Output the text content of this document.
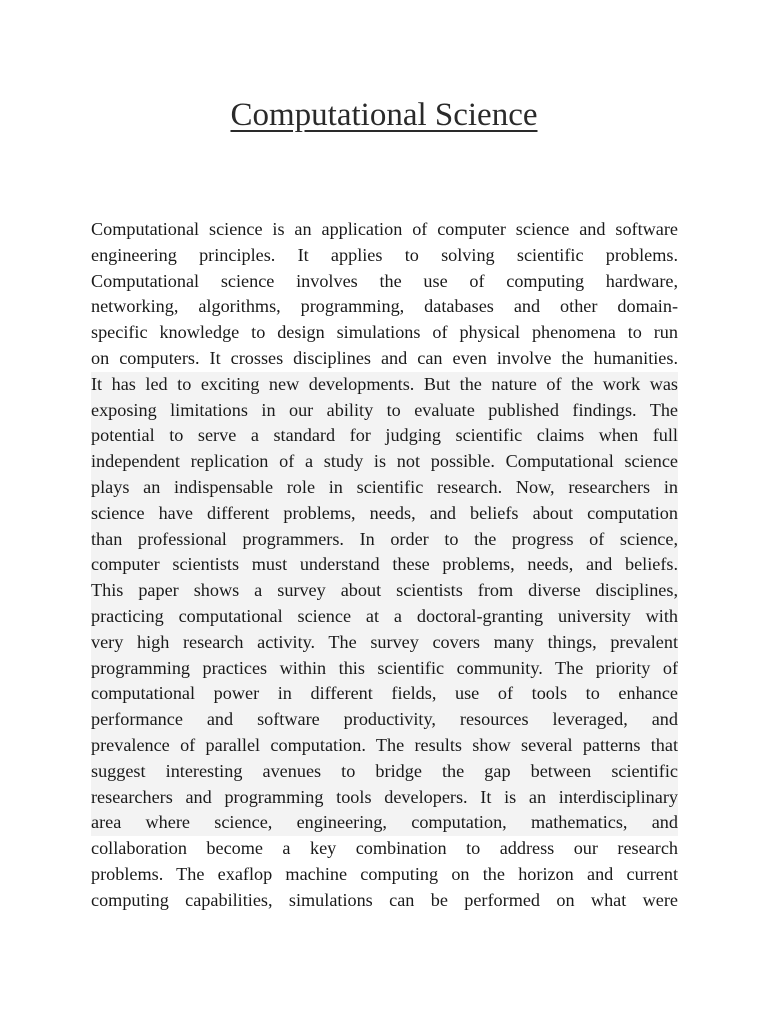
Computational Science
Computational science is an application of computer science and software
engineering principles. It applies to solving scientific problems.
Computational science involves the use of computing hardware,
networking, algorithms, programming, databases and other domain-
specific knowledge to design simulations of physical phenomena to run
on computers. It crosses disciplines and can even involve the humanities.
It has led to exciting new developments. But the nature of the work was
exposing limitations in our ability to evaluate published findings. The
potential to serve a standard for judging scientific claims when full
independent replication of a study is not possible. Computational science
plays an indispensable role in scientific research. Now, researchers in
science have different problems, needs, and beliefs about computation
than professional programmers. In order to the progress of science,
computer scientists must understand these problems, needs, and beliefs.
This paper shows a survey about scientists from diverse disciplines,
practicing computational science at a doctoral-granting university with
very high research activity. The survey covers many things, prevalent
programming practices within this scientific community. The priority of
computational power in different fields, use of tools to enhance
performance and software productivity, resources leveraged, and
prevalence of parallel computation. The results show several patterns that
suggest interesting avenues to bridge the gap between scientific
researchers and programming tools developers. It is an interdisciplinary
area where science, engineering, computation, mathematics, and
collaboration become a key combination to address our research
problems. The exaflop machine computing on the horizon and current
computing capabilities, simulations can be performed on what were
